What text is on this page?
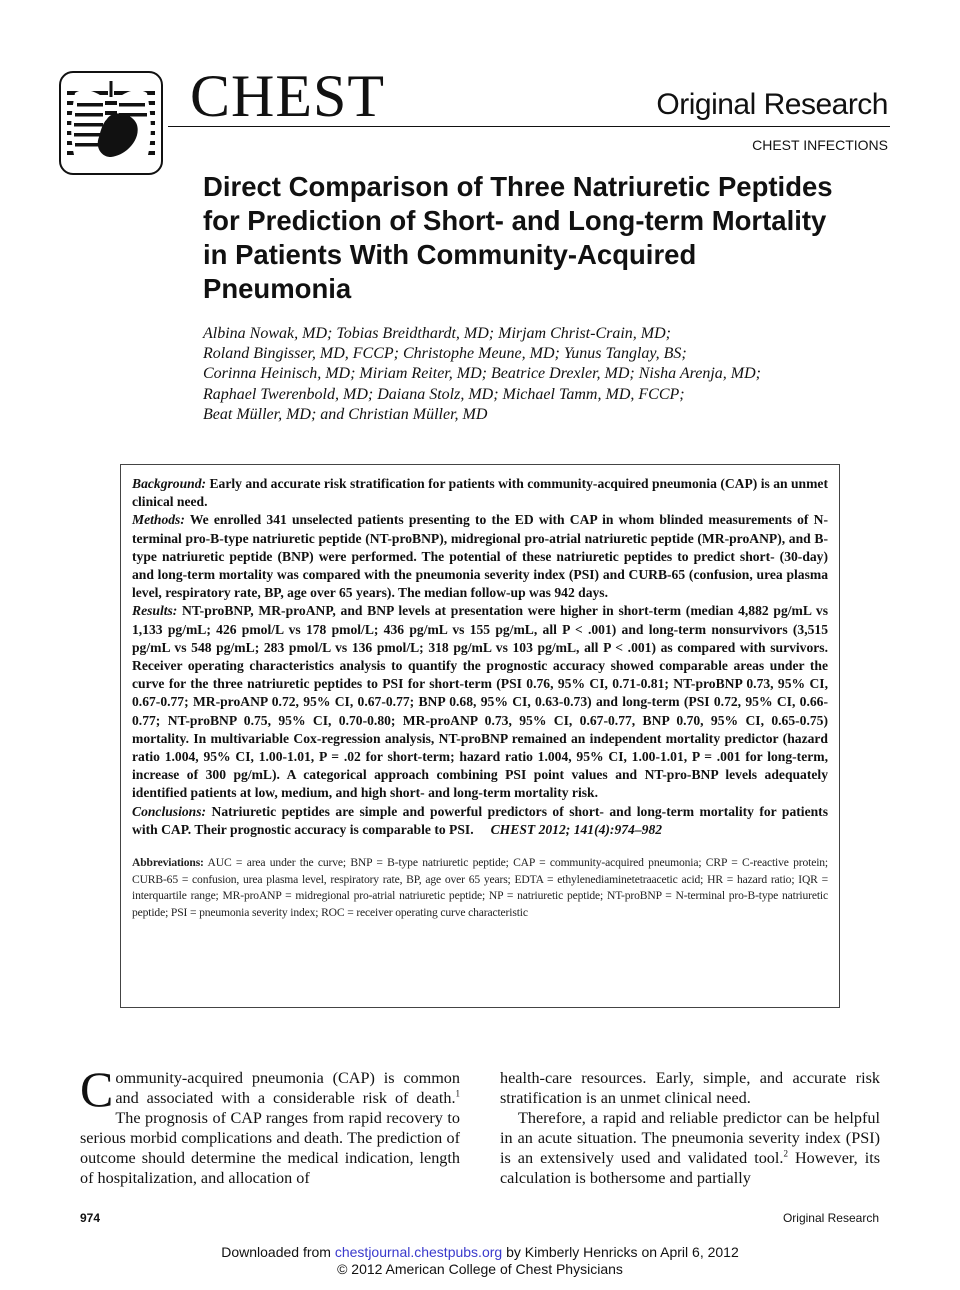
CHEST	Original Research
CHEST INFECTIONS
Direct Comparison of Three Natriuretic Peptides for Prediction of Short- and Long-term Mortality in Patients With Community-Acquired Pneumonia
Albina Nowak, MD; Tobias Breidthardt, MD; Mirjam Christ-Crain, MD;
Roland Bingisser, MD, FCCP; Christophe Meune, MD; Yunus Tanglay, BS;
Corinna Heinisch, MD; Miriam Reiter, MD; Beatrice Drexler, MD; Nisha Arenja, MD;
Raphael Twerenbold, MD; Daiana Stolz, MD; Michael Tamm, MD, FCCP;
Beat Müller, MD; and Christian Müller, MD

Background: Early and accurate risk stratification for patients with community-acquired pneumonia (CAP) is an unmet clinical need.

Methods: We enrolled 341 unselected patients presenting to the ED with CAP in whom blinded measurements of N-terminal pro-B-type natriuretic peptide (NT-proBNP), midregional pro-atrial natriuretic peptide (MR-proANP), and B-type natriuretic peptide (BNP) were performed. The potential of these natriuretic peptides to predict short- (30-day) and long-term mortality was compared with the pneumonia severity index (PSI) and CURB-65 (confusion, urea plasma level, respiratory rate, BP, age over 65 years). The median follow-up was 942 days.

Results: NT-proBNP, MR-proANP, and BNP levels at presentation were higher in short-term (median 4,882 pg/mL vs 1,133 pg/mL; 426 pmol/L vs 178 pmol/L; 436 pg/mL vs 155 pg/mL, all P < .001) and long-term nonsurvivors (3,515 pg/mL vs 548 pg/mL; 283 pmol/L vs 136 pmol/L; 318 pg/mL vs 103 pg/mL, all P < .001) as compared with survivors. Receiver operating characteristics analysis to quantify the prognostic accuracy showed comparable areas under the curve for the three natriuretic peptides to PSI for short-term (PSI 0.76, 95% CI, 0.71-0.81; NT-proBNP 0.73, 95% CI, 0.67-0.77; MR-proANP 0.72, 95% CI, 0.67-0.77; BNP 0.68, 95% CI, 0.63-0.73) and long-term (PSI 0.72, 95% CI, 0.66-0.77; NT-proBNP 0.75, 95% CI, 0.70-0.80; MR-proANP 0.73, 95% CI, 0.67-0.77, BNP 0.70, 95% CI, 0.65-0.75) mortality. In multivariable Cox-regression analysis, NT-proBNP remained an independent mortality predictor (hazard ratio 1.004, 95% CI, 1.00-1.01, P = .02 for short-term; hazard ratio 1.004, 95% CI, 1.00-1.01, P = .001 for long-term, increase of 300 pg/mL). A categorical approach combining PSI point values and NT-pro-BNP levels adequately identified patients at low, medium, and high short- and long-term mortality risk.

Conclusions: Natriuretic peptides are simple and powerful predictors of short- and long-term mortality for patients with CAP. Their prognostic accuracy is comparable to PSI. CHEST 2012; 141(4):974–982

Abbreviations: AUC = area under the curve; BNP = B-type natriuretic peptide; CAP = community-acquired pneumonia; CRP = C-reactive protein; CURB-65 = confusion, urea plasma level, respiratory rate, BP, age over 65 years; EDTA = ethylenediaminetetraacetic acid; HR = hazard ratio; IQR = interquartile range; MR-proANP = midregional pro-atrial natriuretic peptide; NP = natriuretic peptide; NT-proBNP = N-terminal pro-B-type natriuretic peptide; PSI = pneumonia severity index; ROC = receiver operating curve characteristic

Community-acquired pneumonia (CAP) is common and associated with a considerable risk of death.$^1$ The prognosis of CAP ranges from rapid recovery to serious morbid complications and death. The prediction of outcome should determine the medical indication, length of hospitalization, and allocation of

health-care resources. Early, simple, and accurate risk stratification is an unmet clinical need.

Therefore, a rapid and reliable predictor can be helpful in an acute situation. The pneumonia severity index (PSI) is an extensively used and validated tool.$^2$ However, its calculation is bothersome and partially

974	Original Research
Downloaded from chestjournal.chestpubs.org by Kimberly Henricks on April 6, 2012
© 2012 American College of Chest Physicians
